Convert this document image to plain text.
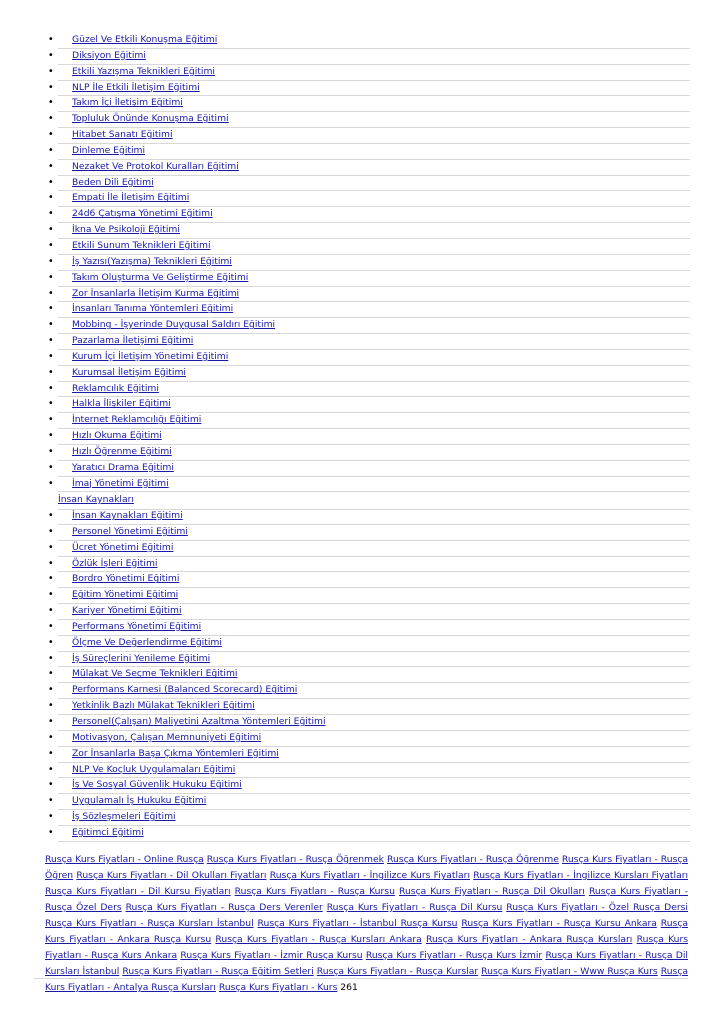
• Güzel Ve Etkili Konuşma Eğitimi
• Diksiyon Eğitimi
• Etkili Yazışma Teknikleri Eğitimi
• NLP İle Etkili İletişim Eğitimi
• Takım İçi İletişim Eğitimi
• Topluluk Önünde Konuşma Eğitimi
• Hitabet Sanatı Eğitimi
• Dinleme Eğitimi
• Nezaket Ve Protokol Kuralları Eğitimi
• Beden Dili Eğitimi
• Empati İle İletişim Eğitimi
• 24d6 Çatışma Yönetimi Eğitimi
• İkna Ve Psikoloji Eğitimi
• Etkili Sunum Teknikleri Eğitimi
• İş Yazısı(Yazışma) Teknikleri Eğitimi
• Takım Oluşturma Ve Geliştirme Eğitimi
• Zor İnsanlarla İletişim Kurma Eğitimi
• İnsanları Tanıma Yöntemleri Eğitimi
• Mobbing - İşyerinde Duygusal Saldırı Eğitimi
• Pazarlama İletişimi Eğitimi
• Kurum İçi İletişim Yönetimi Eğitimi
• Kurumsal İletişim Eğitimi
• Reklamcılık Eğitimi
• Halkla İlişkiler Eğitimi
• İnternet Reklamcılığı Eğitimi
• Hızlı Okuma Eğitimi
• Hızlı Öğrenme Eğitimi
• Yaratıcı Drama Eğitimi
• İmaj Yönetimi Eğitimi
İnsan Kaynakları
• İnsan Kaynakları Eğitimi
• Personel Yönetimi Eğitimi
• Ücret Yönetimi Eğitimi
• Özlük İşleri Eğitimi
• Bordro Yönetimi Eğitimi
• Eğitim Yönetimi Eğitimi
• Kariyer Yönetimi Eğitimi
• Performans Yönetimi Eğitimi
• Ölçme Ve Değerlendirme Eğitimi
• İş Süreçlerini Yenileme Eğitimi
• Mülakat Ve Seçme Teknikleri Eğitimi
• Performans Karnesi (Balanced Scorecard) Eğitimi
• Yetkinlik Bazlı Mülakat Teknikleri Eğitimi
• Personel(Çalışan) Maliyetini Azaltma Yöntemleri Eğitimi
• Motivasyon, Çalışan Memnuniyeti Eğitimi
• Zor İnsanlarla Başa Çıkma Yöntemleri Eğitimi
• NLP Ve Koçluk Uygulamaları Eğitimi
• İş Ve Sosyal Güvenlik Hukuku Eğitimi
• Uygulamalı İş Hukuku Eğitimi
• İş Sözleşmeleri Eğitimi
• Eğitimci Eğitimi
Rusça Kurs Fiyatları - Online Rusça Rusça Kurs Fiyatları - Rusça Öğrenmek Rusça Kurs Fiyatları - Rusça Öğrenme Rusça Kurs Fiyatları - Rusça Öğren Rusça Kurs Fiyatları - Dil Okulları Fiyatları Rusça Kurs Fiyatları - İngilizce Kurs Fiyatları Rusça Kurs Fiyatları - İngilizce Kursları Fiyatları Rusça Kurs Fiyatları - Dil Kursu Fiyatları Rusça Kurs Fiyatları - Rusça Kursu Rusça Kurs Fiyatları - Rusça Dil Okulları Rusça Kurs Fiyatları - Rusça Özel Ders Rusça Kurs Fiyatları - Rusça Ders Verenler Rusça Kurs Fiyatları - Rusça Dil Kursu Rusça Kurs Fiyatları - Özel Rusça Dersi Rusça Kurs Fiyatları - Rusça Kursları İstanbul Rusça Kurs Fiyatları - İstanbul Rusça Kursu Rusça Kurs Fiyatları - Rusça Kursu Ankara Rusça Kurs Fiyatları - Ankara Rusça Kursu Rusça Kurs Fiyatları - Rusça Kursları Ankara Rusça Kurs Fiyatları - Ankara Rusça Kursları Rusça Kurs Fiyatları - Rusça Kurs Ankara Rusça Kurs Fiyatları - İzmir Rusça Kursu Rusça Kurs Fiyatları - Rusça Kurs İzmir Rusça Kurs Fiyatları - Rusça Dil Kursları İstanbul Rusça Kurs Fiyatları - Rusça Eğitim Setleri Rusça Kurs Fiyatları - Rusça Kurslar Rusça Kurs Fiyatları - Www Rusça Kurs Rusça Kurs Fiyatları - Antalya Rusça Kursları Rusça Kurs Fiyatları - Kurs 261
